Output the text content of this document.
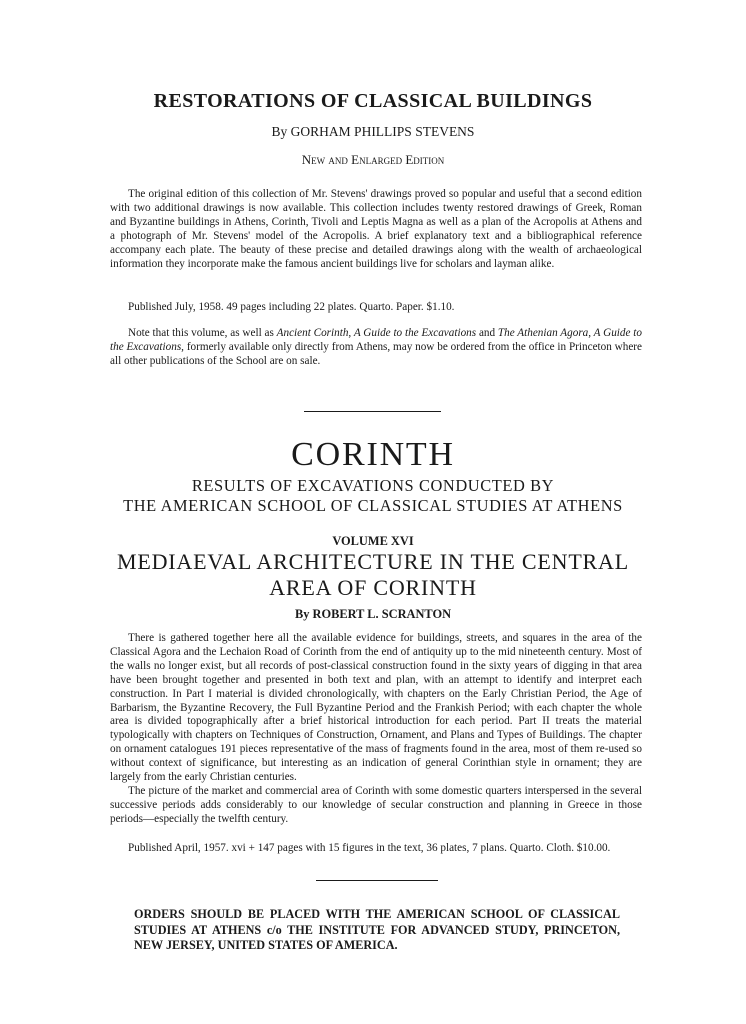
RESTORATIONS OF CLASSICAL BUILDINGS
By GORHAM PHILLIPS STEVENS
New and Enlarged Edition

The original edition of this collection of Mr. Stevens' drawings proved so popular and useful that a second edition with two additional drawings is now available. This collection includes twenty restored drawings of Greek, Roman and Byzantine buildings in Athens, Corinth, Tivoli and Leptis Magna as well as a plan of the Acropolis at Athens and a photograph of Mr. Stevens' model of the Acropolis. A brief explanatory text and a bibliographical reference accompany each plate. The beauty of these precise and detailed drawings along with the wealth of archaeological information they incorporate make the famous ancient buildings live for scholars and layman alike.

Published July, 1958. 49 pages including 22 plates. Quarto. Paper. $1.10.

Note that this volume, as well as Ancient Corinth, A Guide to the Excavations and The Athenian Agora, A Guide to the Excavations, formerly available only directly from Athens, may now be ordered from the office in Princeton where all other publications of the School are on sale.

CORINTH
RESULTS OF EXCAVATIONS CONDUCTED BY
THE AMERICAN SCHOOL OF CLASSICAL STUDIES AT ATHENS
VOLUME XVI
MEDIAEVAL ARCHITECTURE IN THE CENTRAL
AREA OF CORINTH
By ROBERT L. SCRANTON

There is gathered together here all the available evidence for buildings, streets, and squares in the area of the Classical Agora and the Lechaion Road of Corinth from the end of antiquity up to the mid nineteenth century. Most of the walls no longer exist, but all records of post-classical construction found in the sixty years of digging in that area have been brought together and presented in both text and plan, with an attempt to identify and interpret each construction. In Part I material is divided chronologically, with chapters on the Early Christian Period, the Age of Barbarism, the Byzantine Recovery, the Full Byzantine Period and the Frankish Period; with each chapter the whole area is divided topographically after a brief historical introduction for each period. Part II treats the material typologically with chapters on Techniques of Construction, Ornament, and Plans and Types of Buildings. The chapter on ornament catalogues 191 pieces representative of the mass of fragments found in the area, most of them re-used so without context of significance, but interesting as an indication of general Corinthian style in ornament; they are largely from the early Christian centuries.

The picture of the market and commercial area of Corinth with some domestic quarters interspersed in the several successive periods adds considerably to our knowledge of secular construction and planning in Greece in those periods—especially the twelfth century.

Published April, 1957. xvi + 147 pages with 15 figures in the text, 36 plates, 7 plans. Quarto. Cloth. $10.00.

ORDERS SHOULD BE PLACED WITH THE AMERICAN SCHOOL OF CLASSICAL
STUDIES AT ATHENS c/o THE INSTITUTE FOR ADVANCED STUDY, PRINCETON,
NEW JERSEY, UNITED STATES OF AMERICA.
